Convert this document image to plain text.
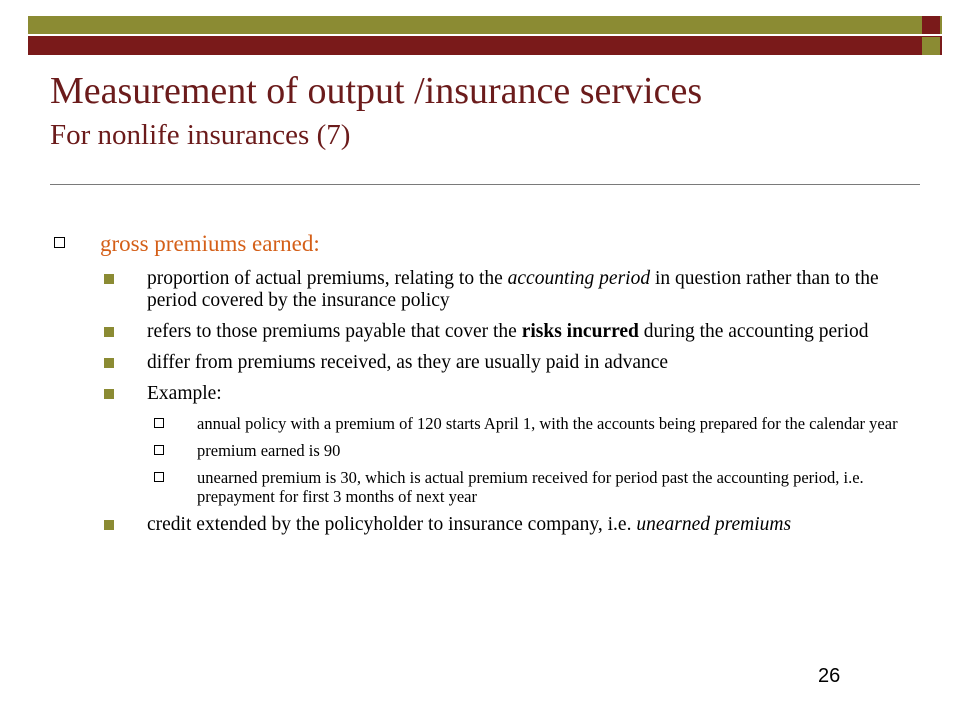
Measurement of output /insurance services
For nonlife insurances (7)
gross premiums earned:
proportion of actual premiums, relating to the accounting period in question rather than to the period covered by the insurance policy
refers to those premiums payable that cover the risks incurred during the accounting period
differ from premiums received, as they are usually paid in advance
Example:
annual policy with a premium of 120 starts April 1, with the accounts being prepared for the calendar year
premium earned is 90
unearned premium is 30, which is actual premium received for period past the accounting period, i.e. prepayment for first 3 months of next year
credit extended by the policyholder to insurance company, i.e. unearned premiums
26
